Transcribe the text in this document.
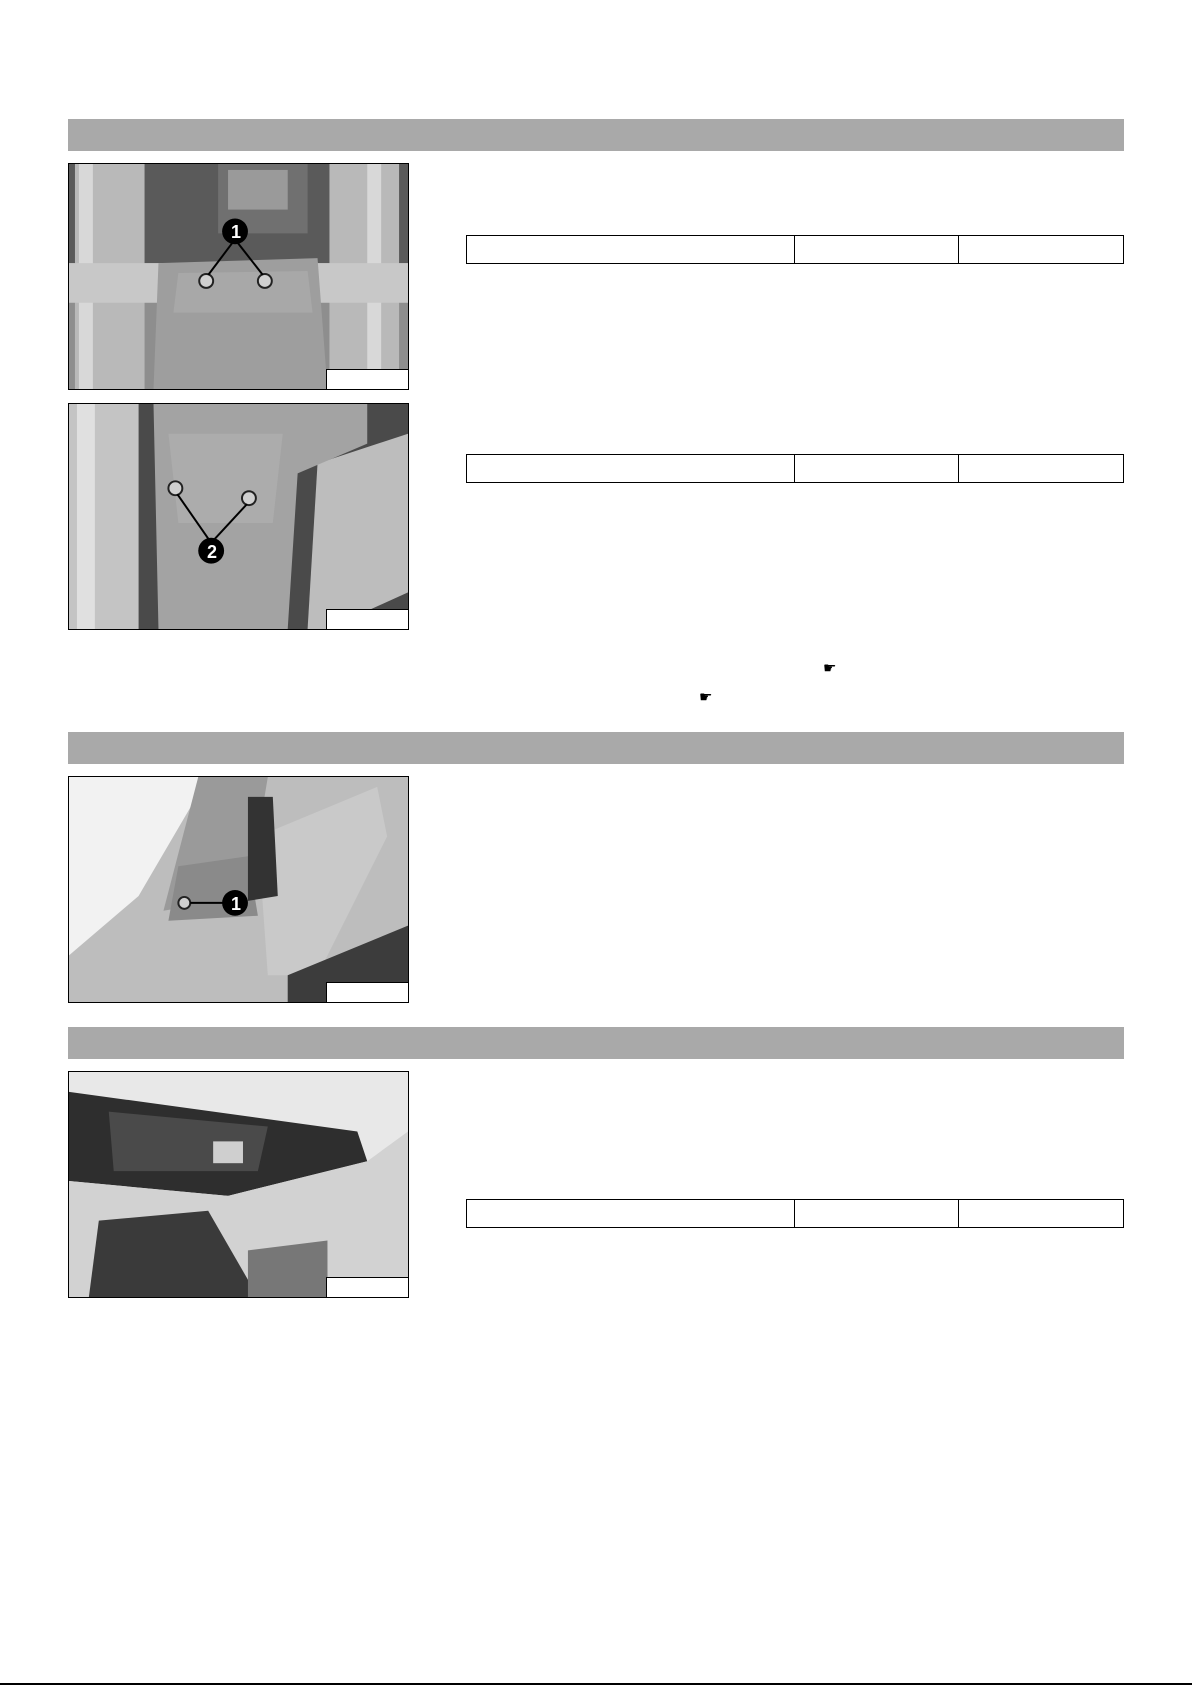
1
2
☛
☛
1
